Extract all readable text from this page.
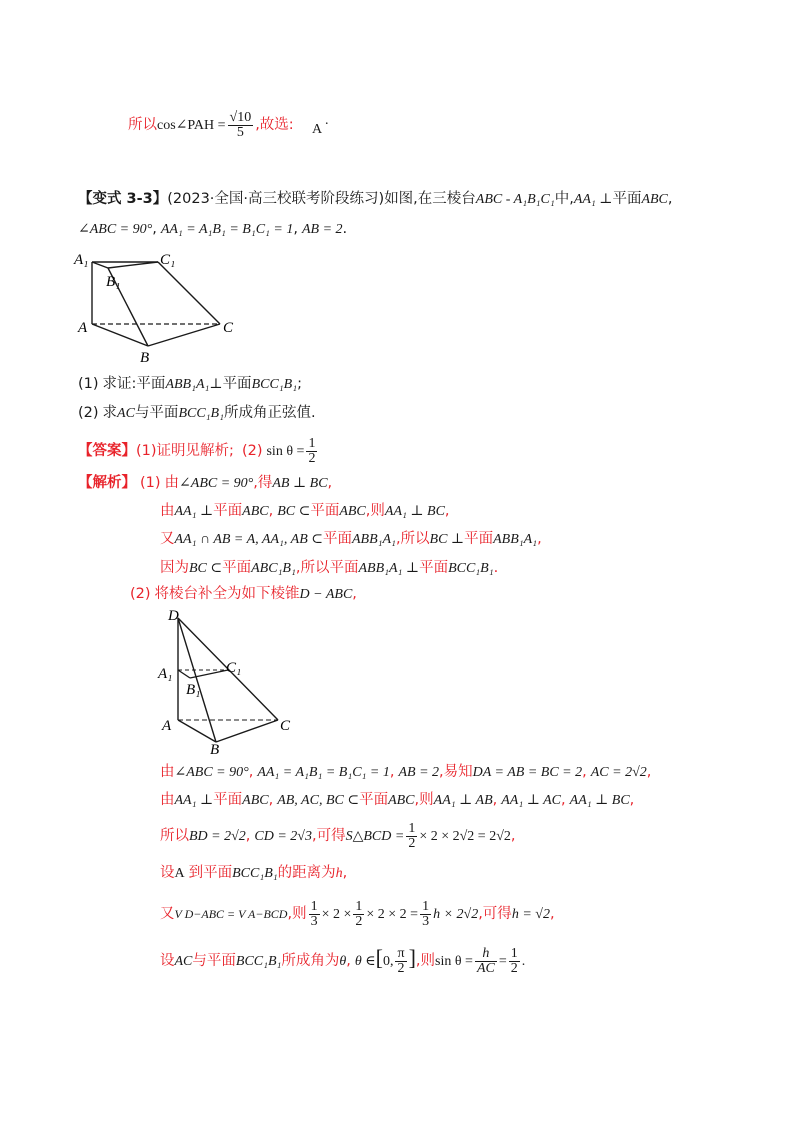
所以cos∠PAH = $\frac{√10}{5}$ ,故选: A
.
【变式 3-3】(2023·全国·高三校联考阶段练习)如图,在三棱台ABC - A₁B₁C₁中,AA₁ ⊥平面ABC,
∠ABC = 90°, AA₁ = A₁B₁ = B₁C₁ = 1, AB = 2.
A₁
B₁
C₁
A
B
C
(1) 求证:平面ABB₁A₁⊥平面BCC₁B₁;
(2) 求AC与平面BCC₁B₁所成角正弦值.
【答案】(1)证明见解析; (2) $\sin \theta = \frac{1}{2}$
【解析】 (1) 由∠ABC = 90°,得AB ⊥ BC,
由AA₁ ⊥平面ABC, BC ⊂平面ABC,则AA₁ ⊥ BC,
又AA₁ ∩ AB = A, AA₁, AB ⊂平面ABB₁A₁,所以BC ⊥平面ABB₁A₁,
因为BC ⊂平面ABC₁B₁,所以平面ABB₁A₁ ⊥平面BCC₁B₁.
(2) 将棱台补全为如下棱锥D − ABC,
D
A₁
B₁
C₁
A
B
C
由∠ABC = 90°, AA₁ = A₁B₁ = B₁C₁ = 1, AB = 2,易知DA = AB = BC = 2, AC = 2√2,
由AA₁ ⊥平面ABC, AB, AC, BC ⊂平面ABC,则AA₁ ⊥ AB, AA₁ ⊥ AC, AA₁ ⊥ BC,
所以BD = 2√2, CD = 2√3,可得S△BCD = $\frac{1}{2} \times 2 \times 2√2 = 2√2$,
设A 到平面BCC₁B₁的距离为h,
又V D−ABC = V A−BCD,则 $\frac{1}{3} \times 2 \times \frac{1}{2} \times 2 \times 2 = \frac{1}{3}$ h × 2√2,可得h = √2,
设AC与平面BCC₁B₁所成角为θ, θ ∈[0, $\frac{\pi}{2}$ ],则$\sin \theta = \frac{h}{AC} = \frac{1}{2}$ .
